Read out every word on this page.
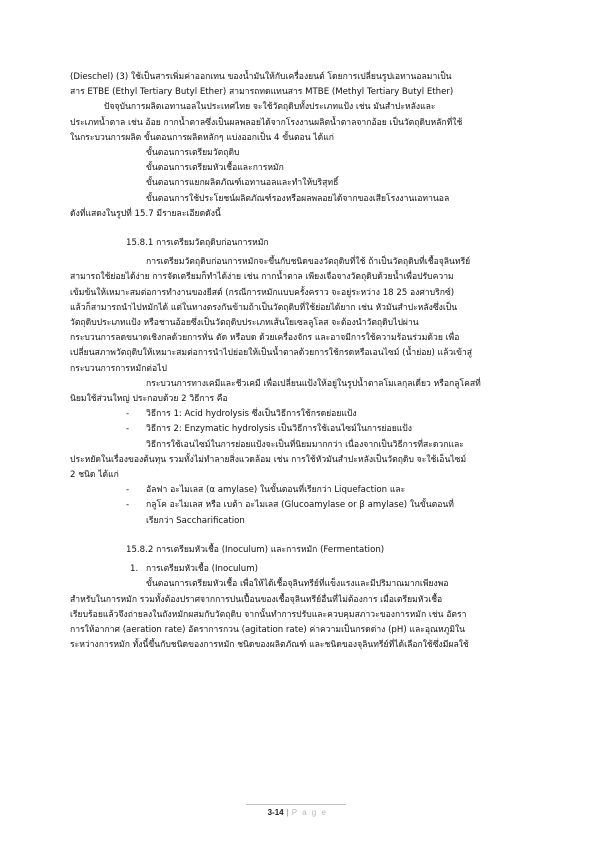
(Dieschel) (3) ใช้เป็นสารเพิ่มค่าออกเทน ของน้ำมันให้กับเครื่องยนต์ โดยการเปลี่ยนรูปเอทานอลมาเป็น

สาร ETBE (Ethyl Tertiary Butyl Ether) สามารถทดแทนสาร MTBE (Methyl Tertiary Butyl Ether)

ปัจจุบันการผลิตเอทานอลในประเทศไทย จะใช้วัตถุดิบทั้งประเภทแป้ง เช่น มันสำปะหลังและ

ประเภทน้ำตาล เช่น อ้อย กากน้ำตาลซึ่งเป็นผลพลอยได้จากโรงงานผลิตน้ำตาลจากอ้อย เป็นวัตถุดิบหลักที่ใช้

ในกระบวนการผลิต ขั้นตอนการผลิตหลักๆ แบ่งออกเป็น 4 ขั้นตอน ได้แก่

ขั้นตอนการเตรียมวัตถุดิบ

ขั้นตอนการเตรียมหัวเชื้อและการหมัก

ขั้นตอนการแยกผลิตภัณฑ์เอทานอลและทำให้บริสุทธิ์

ขั้นตอนการใช้ประโยชน์ผลิตภัณฑ์รองหรือผลพลอยได้จากของเสียโรงงานเอทานอล

ดังที่แสดงในรูปที่ 15.7 มีรายละเอียดดังนี้

15.8.1 การเตรียมวัตถุดิบก่อนการหมัก

การเตรียมวัตถุดิบก่อนการหมักจะขึ้นกับชนิดของวัตถุดิบที่ใช้ ถ้าเป็นวัตถุดิบที่เชื้อจุลินทรีย์

สามารถใช้ย่อยได้ง่าย การจัดเตรียมก็ทำได้ง่าย เช่น กากน้ำตาล เพียงเจือจางวัตถุดิบด้วยน้ำเพื่อปรับความ

เข้มข้นให้เหมาะสมต่อการทำงานของยีสต์ (กรณีการหมักแบบครั้งคราว จะอยู่ระหว่าง 18 25 องศาบริกซ์)

แล้วก็สามารถนำไปหมักได้ แต่ในทางตรงกันข้ามถ้าเป็นวัตถุดิบที่ใช้ย่อยได้ยาก เช่น หัวมันสำปะหลังซึ่งเป็น

วัตถุดิบประเภทแป้ง หรือชานอ้อยซึ่งเป็นวัตถุดิบประเภทเส้นใยเซลลูโลส จะต้องนำวัตถุดิบไปผ่าน

กระบวนการลดขนาดเชิงกลด้วยการหั่น ตัด หรือบด ด้วยเครื่องจักร และอาจมีการใช้ความร้อนร่วมด้วย เพื่อ

เปลี่ยนสภาพวัตถุดิบให้เหมาะสมต่อการนำไปย่อยให้เป็นน้ำตาลด้วยการใช้กรดหรือเอนไซม์ (น้ำย่อย) แล้วเข้าสู่

กระบวนการการหมักต่อไป

กระบวนการทางเคมีและชีวเคมี เพื่อเปลี่ยนแป้งให้อยู่ในรูปน้ำตาลโมเลกุลเดี่ยว หรือกลูโคสที่

นิยมใช้ส่วนใหญ่ ประกอบด้วย 2 วิธีการ คือ

- วิธีการ 1: Acid hydrolysis ซึ่งเป็นวิธีการใช้กรดย่อยแป้ง

- วิธีการ 2: Enzymatic hydrolysis เป็นวิธีการใช้เอนไซม์ในการย่อยแป้ง

วิธีการใช้เอนไซม์ในการย่อยแป้งจะเป็นที่นิยมมากกว่า เนื่องจากเป็นวิธีการที่สะดวกและ

ประหยัดในเรื่องของต้นทุน รวมทั้งไม่ทำลายสิ่งแวดล้อม เช่น การใช้หัวมันสำปะหลังเป็นวัตถุดิบ จะใช้เอ็นไซม์

2 ชนิด ได้แก่

- อัลฟา อะไมเลส (α amylase) ในขั้นตอนที่เรียกว่า Liquefaction และ

- กลูโค อะไมเลส หรือ เบต้า อะไมเลส (Glucoamylase or β amylase) ในขั้นตอนที่

เรียกว่า Saccharification

15.8.2 การเตรียมหัวเชื้อ (Inoculum) และการหมัก (Fermentation)

1. การเตรียมหัวเชื้อ (Inoculum)

ขั้นตอนการเตรียมหัวเชื้อ เพื่อให้ได้เชื้อจุลินทรีย์ที่แข็งแรงและมีปริมาณมากเพียงพอ

สำหรับในการหมัก รวมทั้งต้องปราศจากการปนเปื้อนของเชื้อจุลินทรีย์อื่นที่ไม่ต้องการ เมื่อเตรียมหัวเชื้อ

เรียบร้อยแล้วจึงถ่ายลงในถังหมักผสมกับวัตถุดิบ จากนั้นทำการปรับและควบคุมสภาวะของการหมัก เช่น อัตรา

การให้อากาศ (aeration rate) อัตราการกวน (agitation rate) ค่าความเป็นกรดด่าง (pH) และอุณหภูมิใน

ระหว่างการหมัก ทั้งนี้ขึ้นกับชนิดของการหมัก ชนิดของผลิตภัณฑ์ และชนิดของจุลินทรีย์ที่ได้เลือกใช้ซึ่งมีผลใช้

3-14 | P a g e
